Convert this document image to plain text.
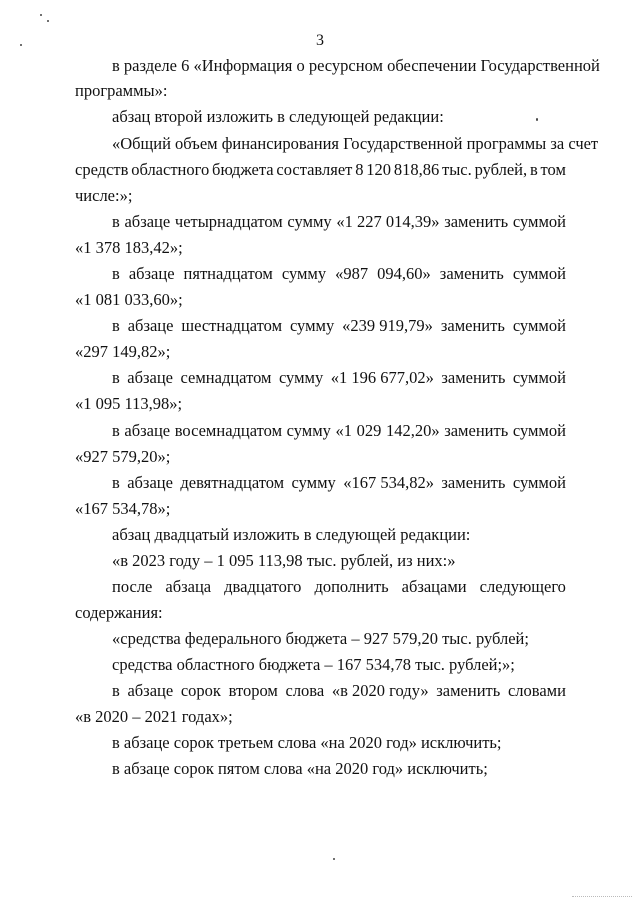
3
в разделе 6 «Информация о ресурсном обеспечении Государственной
программы»:
абзац второй изложить в следующей редакции:
«Общий объем финансирования Государственной программы за счет
средств областного бюджета составляет 8 120 818,86 тыс. рублей, в том
числе:»;
в абзаце четырнадцатом сумму «1 227 014,39» заменить суммой
«1 378 183,42»;
в абзаце пятнадцатом сумму «987 094,60» заменить суммой
«1 081 033,60»;
в абзаце шестнадцатом сумму «239 919,79» заменить суммой
«297 149,82»;
в абзаце семнадцатом сумму «1 196 677,02» заменить суммой
«1 095 113,98»;
в абзаце восемнадцатом сумму «1 029 142,20» заменить суммой
«927 579,20»;
в абзаце девятнадцатом сумму «167 534,82» заменить суммой
«167 534,78»;
абзац двадцатый изложить в следующей редакции:
«в 2023 году – 1 095 113,98 тыс. рублей, из них:»
после абзаца двадцатого дополнить абзацами следующего
содержания:
«средства федерального бюджета – 927 579,20 тыс. рублей;
средства областного бюджета – 167 534,78 тыс. рублей;»;
в абзаце сорок втором слова «в 2020 году» заменить словами
«в 2020 – 2021 годах»;
в абзаце сорок третьем слова «на 2020 год» исключить;
в абзаце сорок пятом слова «на 2020 год» исключить;
